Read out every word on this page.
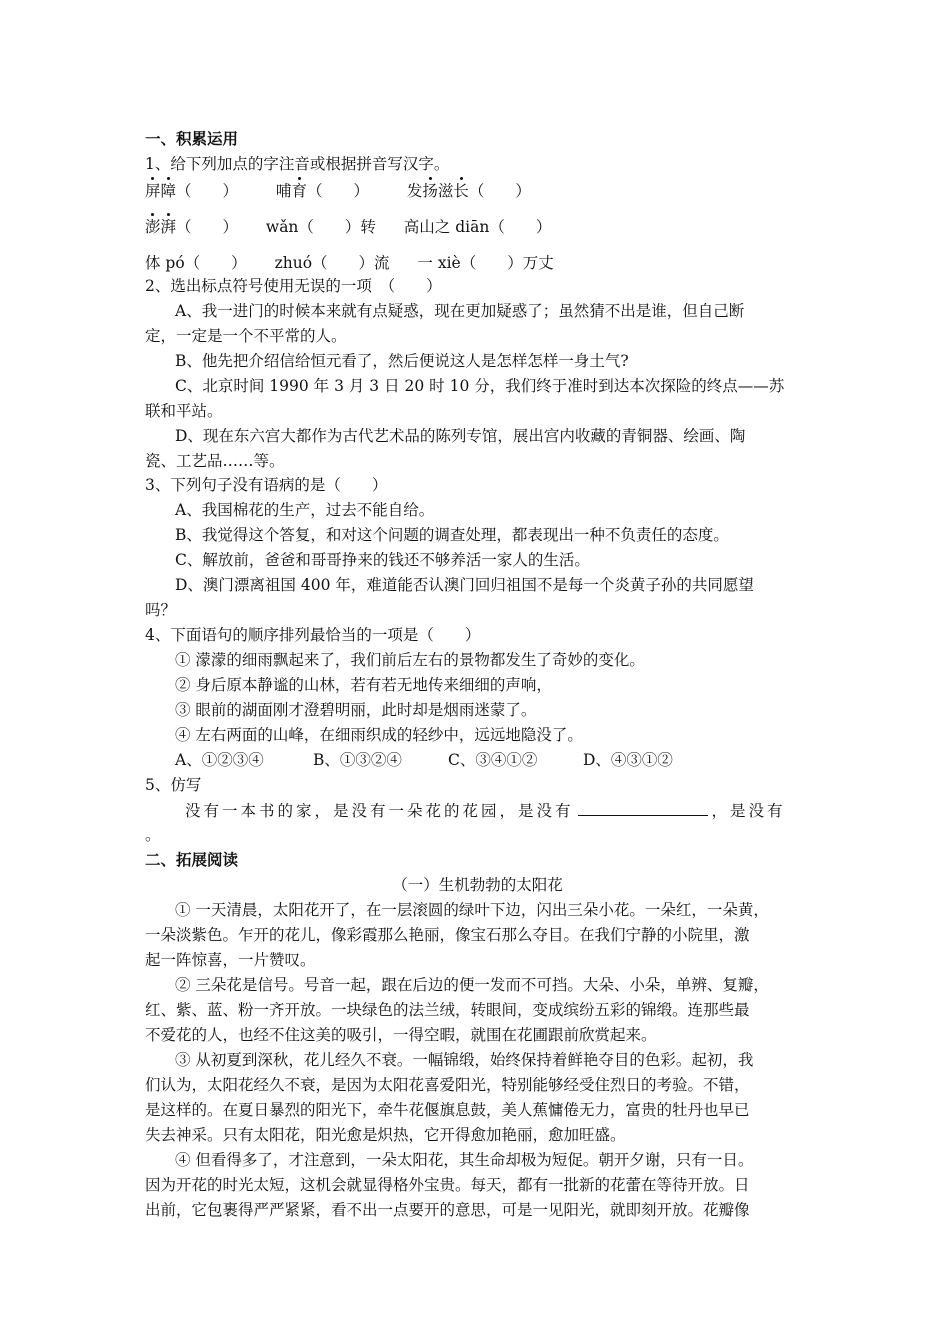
一、积累运用
1、给下列加点的字注音或根据拼音写汉字。
屏障（　　） 哺育（　　） 发扬滋长（　　）
澎湃（　　） wǎn（　　）转 高山之 diān（　　）
体 pó（　　） zhuó（　　）流 一 xiè（　　）万丈
2、选出标点符号使用无误的一项　（　　）
A、我一进门的时候本来就有点疑惑，现在更加疑惑了；虽然猜不出是谁，但自己断
定，一定是一个不平常的人。
B、他先把介绍信给恒元看了，然后便说这人是怎样怎样一身土气?
C、北京时间 1990 年 3 月 3 日 20 时 10 分，我们终于准时到达本次探险的终点——苏
联和平站。
D、现在东六宫大都作为古代艺术品的陈列专馆，展出宫内收藏的青铜器、绘画、陶
瓷、工艺品……等。
3、下列句子没有语病的是（　　）
A、我国棉花的生产，过去不能自给。
B、我觉得这个答复，和对这个问题的调查处理，都表现出一种不负责任的态度。
C、解放前，爸爸和哥哥挣来的钱还不够养活一家人的生活。
D、澳门漂离祖国 400 年，难道能否认澳门回归祖国不是每一个炎黄子孙的共同愿望
吗？
4、下面语句的顺序排列最恰当的一项是（　　）
① 濛濛的细雨飘起来了，我们前后左右的景物都发生了奇妙的变化。
② 身后原本静谧的山林，若有若无地传来细细的声响，
③ 眼前的湖面刚才澄碧明丽，此时却是烟雨迷蒙了。
④ 左右两面的山峰，在细雨织成的轻纱中，远远地隐没了。
A、①②③④	B、①③②④	C、③④①②	D、④③①②
5、仿写
没有一本书的家，是没有一朵花的花园，是没有	，是没有
。
二、拓展阅读
（一）生机勃勃的太阳花
① 一天清晨，太阳花开了，在一层滚圆的绿叶下边，闪出三朵小花。一朵红，一朵黄，
一朵淡紫色。乍开的花儿，像彩霞那么艳丽，像宝石那么夺目。在我们宁静的小院里，激
起一阵惊喜，一片赞叹。
② 三朵花是信号。号音一起，跟在后边的便一发而不可挡。大朵、小朵，单辨、复瓣，
红、紫、蓝、粉一齐开放。一块绿色的法兰绒，转眼间，变成缤纷五彩的锦缎。连那些最
不爱花的人，也经不住这美的吸引，一得空暇，就围在花圃跟前欣赏起来。
③ 从初夏到深秋，花儿经久不衰。一幅锦缎，始终保持着鲜艳夺目的色彩。起初，我
们认为，太阳花经久不衰，是因为太阳花喜爱阳光，特别能够经受住烈日的考验。不错，
是这样的。在夏日暴烈的阳光下，牵牛花偃旗息鼓，美人蕉慵倦无力，富贵的牡丹也早已
失去神采。只有太阳花，阳光愈是炽热，它开得愈加艳丽，愈加旺盛。
④ 但看得多了，才注意到，一朵太阳花，其生命却极为短促。朝开夕谢，只有一日。
因为开花的时光太短，这机会就显得格外宝贵。每天，都有一批新的花蕾在等待开放。日
出前，它包裹得严严紧紧，看不出一点要开的意思，可是一见阳光，就即刻开放。花瓣像
